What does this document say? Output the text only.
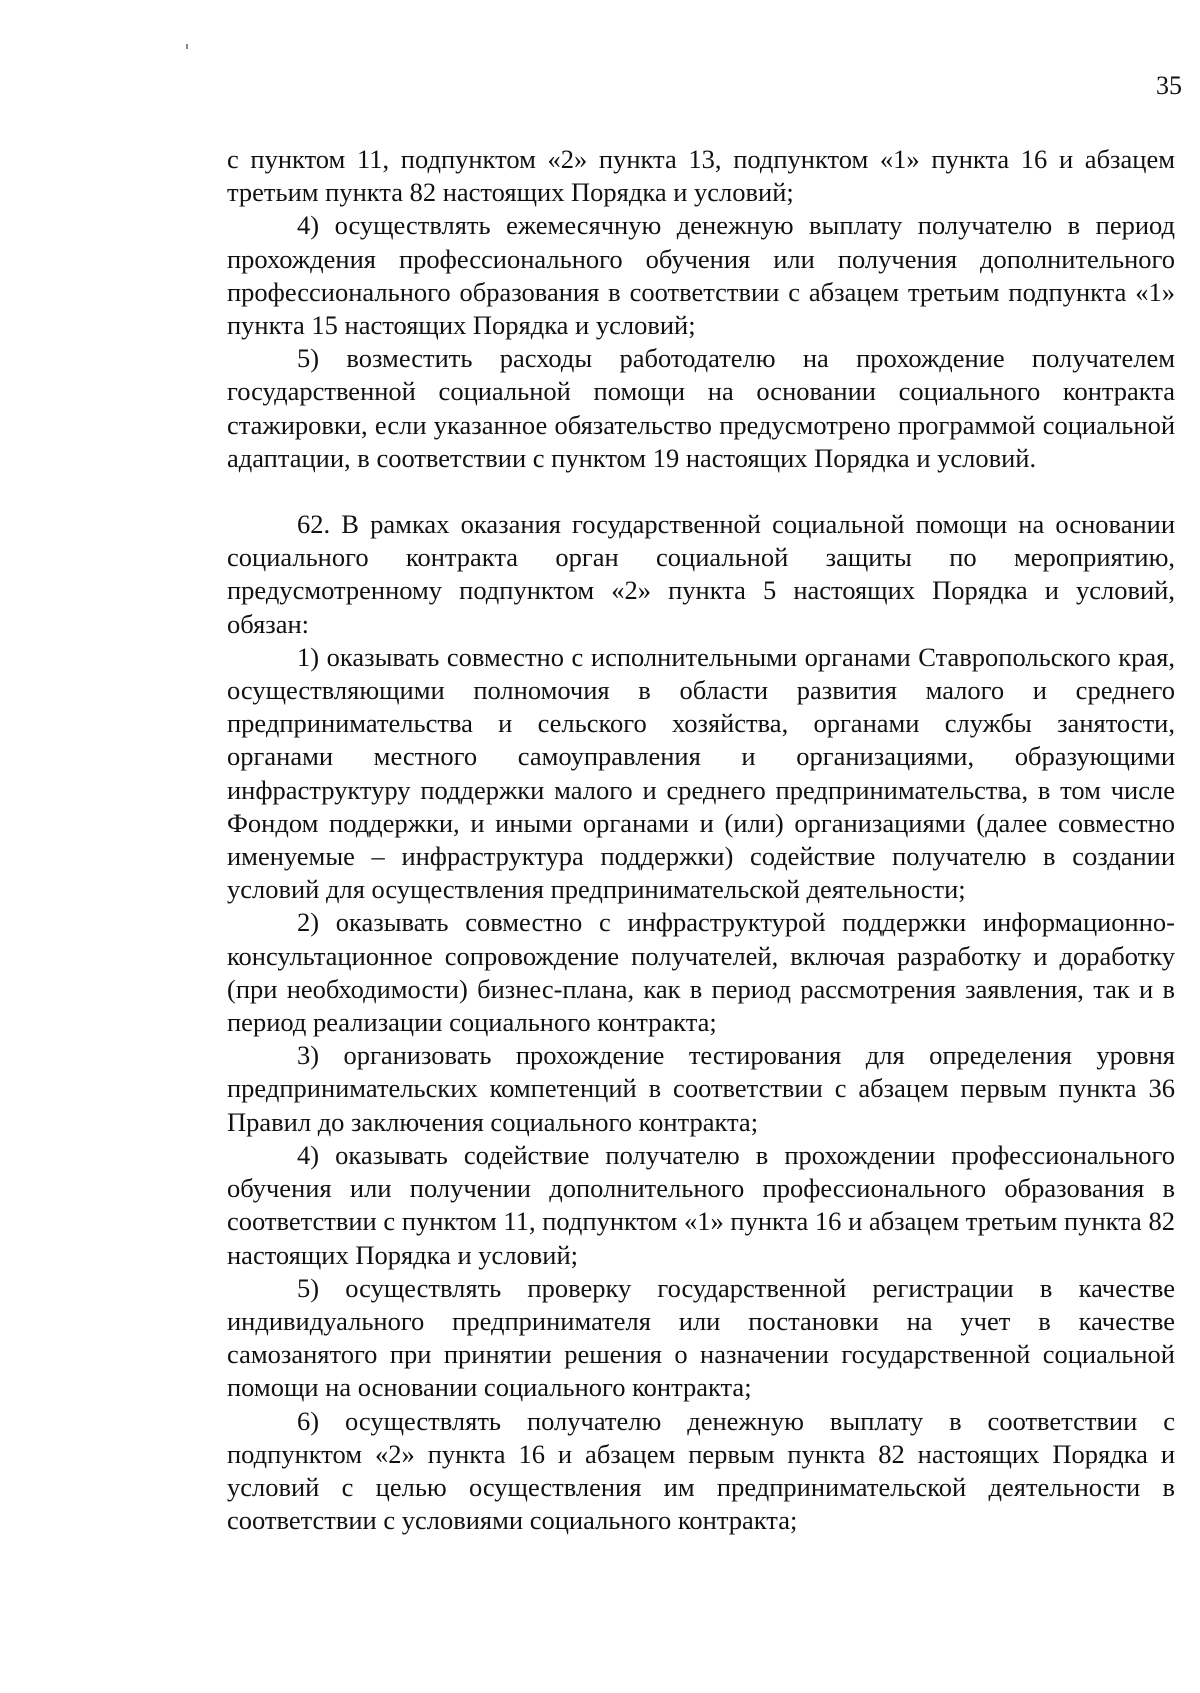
35

с пунктом 11, подпунктом «2» пункта 13, подпунктом «1» пункта 16 и абзацем третьим пункта 82 настоящих Порядка и условий;

4) осуществлять ежемесячную денежную выплату получателю в период прохождения профессионального обучения или получения дополнительного профессионального образования в соответствии с абзацем третьим подпункта «1» пункта 15 настоящих Порядка и условий;

5) возместить расходы работодателю на прохождение получателем государственной социальной помощи на основании социального контракта стажировки, если указанное обязательство предусмотрено программой социальной адаптации, в соответствии с пунктом 19 настоящих Порядка и условий.

62. В рамках оказания государственной социальной помощи на основании социального контракта орган социальной защиты по мероприятию, предусмотренному подпунктом «2» пункта 5 настоящих Порядка и условий, обязан:

1) оказывать совместно с исполнительными органами Ставропольского края, осуществляющими полномочия в области развития малого и среднего предпринимательства и сельского хозяйства, органами службы занятости, органами местного самоуправления и организациями, образующими инфраструктуру поддержки малого и среднего предпринимательства, в том числе Фондом поддержки, и иными органами и (или) организациями (далее совместно именуемые – инфраструктура поддержки) содействие получателю в создании условий для осуществления предпринимательской деятельности;

2) оказывать совместно с инфраструктурой поддержки информационно-консультационное сопровождение получателей, включая разработку и доработку (при необходимости) бизнес-плана, как в период рассмотрения заявления, так и в период реализации социального контракта;

3) организовать прохождение тестирования для определения уровня предпринимательских компетенций в соответствии с абзацем первым пункта 36 Правил до заключения социального контракта;

4) оказывать содействие получателю в прохождении профессионального обучения или получении дополнительного профессионального образования в соответствии с пунктом 11, подпунктом «1» пункта 16 и абзацем третьим пункта 82 настоящих Порядка и условий;

5) осуществлять проверку государственной регистрации в качестве индивидуального предпринимателя или постановки на учет в качестве самозанятого при принятии решения о назначении государственной социальной помощи на основании социального контракта;

6) осуществлять получателю денежную выплату в соответствии с подпунктом «2» пункта 16 и абзацем первым пункта 82 настоящих Порядка и условий с целью осуществления им предпринимательской деятельности в соответствии с условиями социального контракта;
